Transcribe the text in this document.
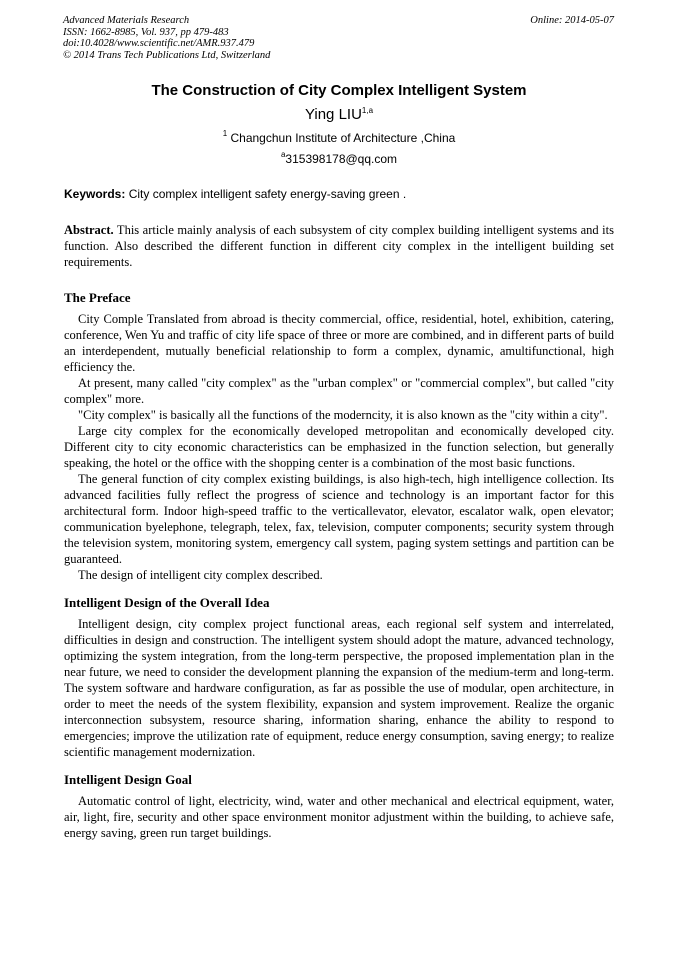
Advanced Materials Research
ISSN: 1662-8985, Vol. 937, pp 479-483
doi:10.4028/www.scientific.net/AMR.937.479
© 2014 Trans Tech Publications Ltd, Switzerland
Online: 2014-05-07
The Construction of City Complex Intelligent System
Ying LIU$^{1,a}$
$^1$ Changchun Institute of Architecture ,China
$^a$315398178@qq.com
Keywords: City complex intelligent safety energy-saving green .
Abstract. This article mainly analysis of each subsystem of city complex building intelligent systems and its function. Also described the different function in different city complex in the intelligent building set requirements.
The Preface

City Comple Translated from abroad is thecity commercial, office, residential, hotel, exhibition, catering, conference, Wen Yu and traffic of city life space of three or more are combined, and in different parts of build an interdependent, mutually beneficial relationship to form a complex, dynamic, amultifunctional, high efficiency the.

At present, many called "city complex" as the "urban complex" or "commercial complex", but called "city complex" more.

"City complex" is basically all the functions of the moderncity, it is also known as the "city within a city".

Large city complex for the economically developed metropolitan and economically developed city. Different city to city economic characteristics can be emphasized in the function selection, but generally speaking, the hotel or the office with the shopping center is a combination of the most basic functions.

The general function of city complex existing buildings, is also high-tech, high intelligence collection. Its advanced facilities fully reflect the progress of science and technology is an important factor for this architectural form. Indoor high-speed traffic to the verticallevator, elevator, escalator walk, open elevator; communication byelephone, telegraph, telex, fax, television, computer components; security system through the television system, monitoring system, emergency call system, paging system settings and partition can be guaranteed.

The design of intelligent city complex described.

Intelligent Design of the Overall Idea

Intelligent design, city complex project functional areas, each regional self system and interrelated, difficulties in design and construction. The intelligent system should adopt the mature, advanced technology, optimizing the system integration, from the long-term perspective, the proposed implementation plan in the near future, we need to consider the development planning the expansion of the medium-term and long-term. The system software and hardware configuration, as far as possible the use of modular, open architecture, in order to meet the needs of the system flexibility, expansion and system improvement. Realize the organic interconnection subsystem, resource sharing, information sharing, enhance the ability to respond to emergencies; improve the utilization rate of equipment, reduce energy consumption, saving energy; to realize scientific management modernization.

Intelligent Design Goal

Automatic control of light, electricity, wind, water and other mechanical and electrical equipment, water, air, light, fire, security and other space environment monitor adjustment within the building, to achieve safe, energy saving, green run target buildings.
